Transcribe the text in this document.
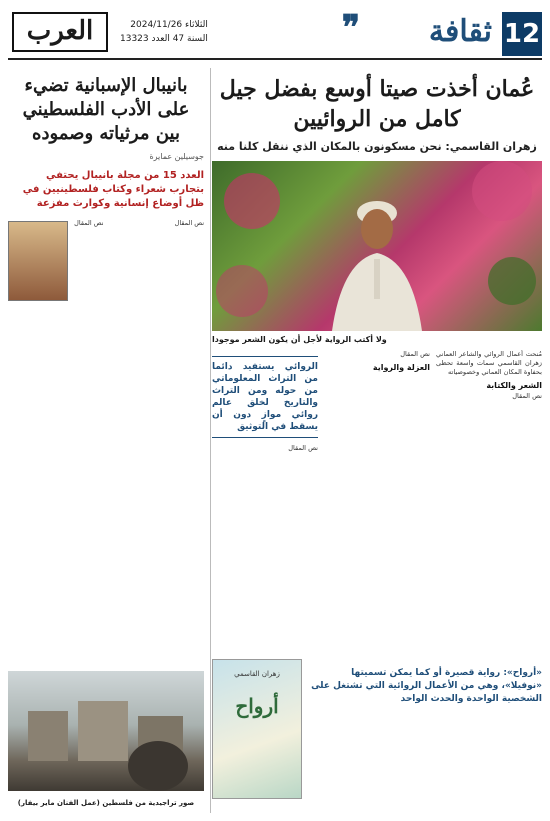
12
ثقافة
❞
العرب	الثلاثاء 2024/11/26
السنة 47 العدد 13323
عُمان أخذت صيتا أوسع بفضل جيل كامل من الروائيين
زهران القاسمي: نحن مسكونون بالمكان الذي ننقل كلنا منه
ولا أكتب الرواية لأجل أن يكون الشعر موجودا
مُنحت أعمال الروائي والشاعر العماني زهران القاسمي سمات واسعة تحظى بحفاوة المكان العماني وخصوصياته
الشعر والكتابة
نص المقال
نص المقال
العزلة والرواية
الروائي يستفيد دائما من التراث المعلوماتي من حوله ومن التراث والتاريخ لخلق عالم روائي موازٍ دون أن يسقط في التوثيق
نص المقال
«أرواح»: رواية قصيرة أو كما يمكن تسميتها «نوفيلا»، وهي من الأعمال الروائية التي تشتغل على الشخصية الواحدة والحدث الواحد
زهران القاسمي
أرواح
بانيبال الإسبانية تضيء على الأدب الفلسطيني بين مرثياته وصموده
جوسيلين عمايرة
العدد 15 من مجلة بانيبال يحتفي بتجارب شعراء وكتاب فلسطينيين في ظل أوضاع إنسانية وكوارث مفزعة
نص المقال
نص المقال
صور تراجيدية من فلسطين (عمل الفنان ماير بيفار)
